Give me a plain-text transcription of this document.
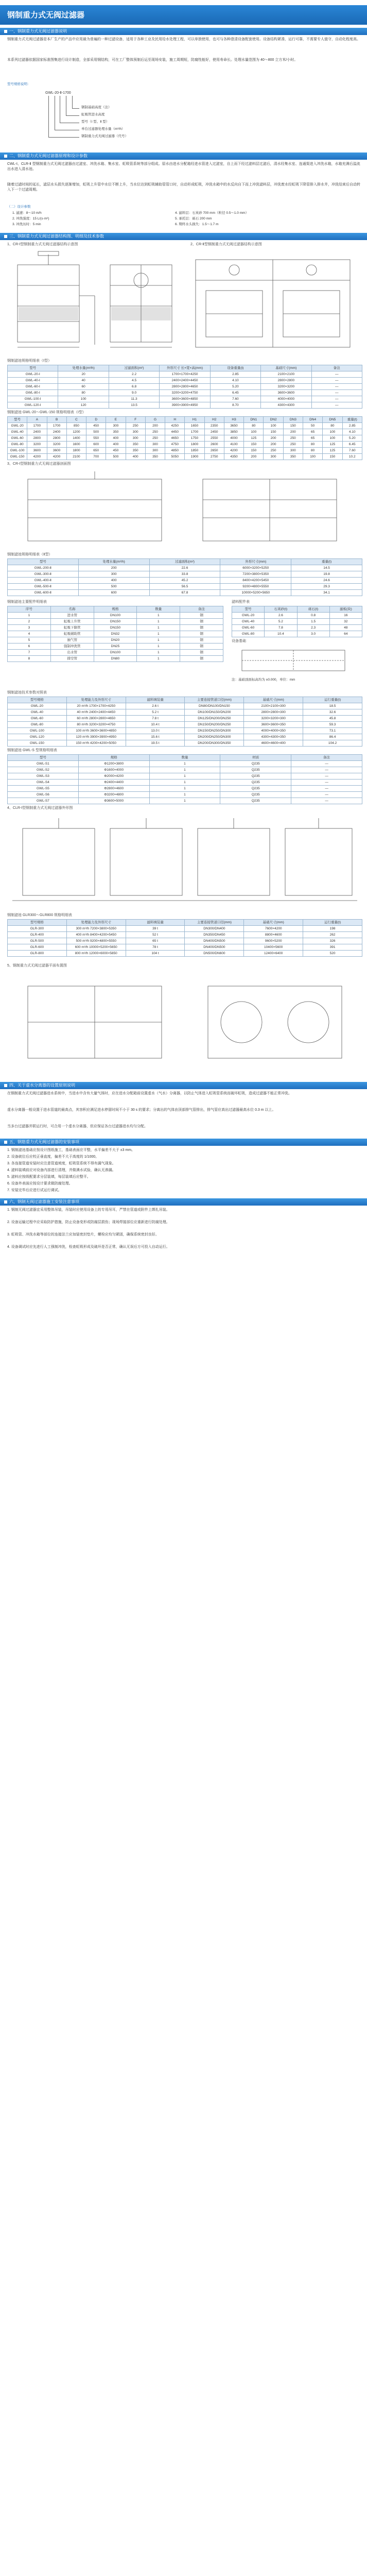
钢制重力式无阀过滤器
一、钢制重力式无阀过滤器说明

钢制重力式无阀过滤器是本厂生产的产品中应用最为普遍的一种过滤设备，适用于各种工业及民用给水处理工程，可以单独使用，也可与各种澄清设备配套使用。设备结构紧凑，运行可靠，不需要专人值守，自动化程度高。

本系列过滤器依据国家标准图集进行设计制造，全部采用钢结构，可在工厂整体预制后运至现场安装，施工周期短，防腐性能好，使用寿命长。处理水量范围为 40～800 立方米/小时。

型号规格说明：
GWL-20-Ⅱ-1700
钢制基础高度（注）
虹吸管进水高度
型号（Ⅰ 型、Ⅱ 型）
单台过滤器处理水量（m³/h）
钢制重力式无阀过滤器（代号）
二、钢制重力式无阀过滤器原理和设计参数

CWL-Ⅰ、CLR-Ⅱ 型钢制重力式无阀过滤器由过滤室、冲洗水箱、集水室、虹吸管系统等部分组成。原水由进水分配箱经进水管进入过滤室，自上而下经过滤料层过滤后，清水经集水室、连通渠进入冲洗水箱，水箱充满后溢流出水进入清水池。

随着过滤时间的延长，滤层水头损失逐渐增加，虹吸上升管中水位不断上升，当水位达到虹吸辅助管管口时，自动形成虹吸，冲洗水箱中的水反向自下而上冲洗滤料层，冲洗废水经虹吸下降管排入排水井，冲洗结束后自动转入下一个过滤周期。

（二）设计参数
1. 滤速：8～10 m/h
2. 冲洗强度：15 L/(s·m²)
3. 冲洗历时：5 min
4. 滤料层：石英砂 700 mm（粒径 0.5～1.0 mm）
5. 承托层：砾石 200 mm
6. 期终水头损失：1.5～1.7 m
三、钢制重力式无阀过滤器结构图、明细及技术参数
1、CR-Ⅰ型钢制重力式无阀过滤器结构示意图	2、CR-Ⅱ型钢制重力式无阀过滤器结构示意图
钢制滤池规格明细表（Ⅰ型）
型号	处理水量(m³/h)	过滤面积(m²)	外形尺寸 长×宽×高(mm)	设备重量(t)	基础尺寸(mm)	备注
GWL-20-Ⅰ	20	2.2	1700×1700×4250	2.85	2100×2100	—
GWL-40-Ⅰ	40	4.5	2400×2400×4450	4.10	2800×2800	—
GWL-60-Ⅰ	60	6.8	2800×2800×4650	5.20	3200×3200	—
GWL-80-Ⅰ	80	9.0	3200×3200×4750	6.45	3600×3600	—
GWL-100-Ⅰ	100	11.3	3600×3600×4850	7.60	4000×4000	—
GWL-120-Ⅰ	120	13.5	3900×3900×4950	8.70	4300×4300	—
钢制滤池 GWL-20～GWL-150 规格明细表（Ⅰ型）
型号	A	B	C	D	E	F	G	H	H1	H2	H3	DN1	DN2	DN3	DN4	DN5	重量(t)
GWL-20	1700	1700	850	450	300	250	200	4250	1650	2350	3650	80	100	150	50	80	2.85
GWL-40	2400	2400	1200	500	350	300	250	4450	1700	2450	3850	100	150	200	65	100	4.10
GWL-60	2800	2800	1400	550	400	300	250	4650	1750	2550	4000	125	200	250	65	100	5.20
GWL-80	3200	3200	1600	600	400	350	300	4750	1800	2600	4100	150	200	250	80	125	6.45
GWL-100	3600	3600	1800	650	450	350	300	4850	1850	2650	4200	150	250	300	80	125	7.60
GWL-150	4200	4200	2100	700	500	400	350	5050	1900	2750	4350	200	300	350	100	150	10.2
3、CR-Ⅰ型钢制重力式无阀过滤器剖面图
钢制滤池规格明细表（Ⅱ型）
型号	处理水量(m³/h)	过滤面积(m²)	外形尺寸(mm)	重量(t)
GWL-200-Ⅱ	200	22.6	6000×3200×5250	14.5
GWL-300-Ⅱ	300	33.8	7200×3800×5350	19.8
GWL-400-Ⅱ	400	45.2	8400×4200×5450	24.6
GWL-500-Ⅱ	500	56.5	9200×4800×5550	29.3
GWL-600-Ⅱ	600	67.8	10000×5200×5650	34.1
钢制滤池主要配件明细表
序号	名称	规格	数量	备注
1	进水管	DN100	1	钢
2	虹吸上升管	DN150	1	钢
3	虹吸下降管	DN150	1	钢
4	虹吸辅助管	DN32	1	钢
5	抽气管	DN20	1	钢
6	强制冲洗管	DN25	1	钢
7	出水管	DN100	1	钢
8	排空管	DN80	1	钢
滤料配件表
型号	石英砂(t)	砾石(t)	滤板(块)
GWL-20	2.6	0.8	16
GWL-40	5.2	1.5	32
GWL-60	7.8	2.3	48
GWL-80	10.4	3.0	64
设备基础
注：基础顶面标高均为 ±0.000，单位：mm
钢制滤池技术参数对照表
型号规格	处理能力及外形尺寸	滤料填装量	主要连接管道口径(mm)	基础尺寸(mm)	运行重量(t)
GWL-20	20 m³/h 1700×1700×4250	2.6 t	DN80/DN100/DN150	2100×2100×300	18.5
GWL-40	40 m³/h 2400×2400×4450	5.2 t	DN100/DN150/DN200	2800×2800×300	32.6
GWL-60	60 m³/h 2800×2800×4650	7.8 t	DN125/DN200/DN250	3200×3200×300	45.8
GWL-80	80 m³/h 3200×3200×4750	10.4 t	DN150/DN200/DN250	3600×3600×350	59.3
GWL-100	100 m³/h 3600×3600×4850	13.0 t	DN150/DN250/DN300	4000×4000×350	73.1
GWL-120	120 m³/h 3900×3900×4950	15.6 t	DN200/DN250/DN300	4300×4300×350	86.4
GWL-150	150 m³/h 4200×4200×5050	19.5 t	DN200/DN300/DN350	4600×4600×400	104.2
钢制滤池 GWL-S 型规格明细表
型号	规格	数量	材质	备注
GWL-S1	Φ1200×3800	1	Q235	—
GWL-S2	Φ1600×4000	1	Q235	—
GWL-S3	Φ2000×4200	1	Q235	—
GWL-S4	Φ2400×4400	1	Q235	—
GWL-S5	Φ2800×4600	1	Q235	—
GWL-S6	Φ3200×4800	1	Q235	—
GWL-S7	Φ3600×5000	1	Q235	—
4、CLR-Ⅰ型钢制重力式无阀过滤器外形图
钢制滤池 GLR300～GLR800 规格明细表
型号规格	处理能力及外形尺寸	滤料填装量	主要连接管道口径(mm)	基础尺寸(mm)	运行重量(t)
GLR-300	300 m³/h 7200×3800×5350	39 t	DN300/DN400	7600×4200	198
GLR-400	400 m³/h 8400×4200×5450	52 t	DN350/DN450	8800×4600	262
GLR-500	500 m³/h 9200×4800×5550	65 t	DN400/DN500	9600×5200	326
GLR-600	600 m³/h 10000×5200×5650	78 t	DN400/DN500	10400×5600	391
GLR-800	800 m³/h 12000×6000×5850	104 t	DN500/DN600	12400×6400	520
5、钢制重力式无阀过滤器平面布置图
四、关于虚水分离器的设置原则说明

在钢制重力式无阀过滤器进水系统中，当进水中含有大量气体时，应在进水分配箱前设置虚水（气水）分离器，以防止气体进入虹吸管系统而破坏虹吸，造成过滤器不能正常冲洗。

虚水分离器一般设置于进水管道的最高点，其容积应满足进水停留时间不小于 30 s 的要求；分离出的气体由顶部排气管排出，排气管应高出过滤器最高水位 0.3 m 以上。

当多台过滤器并联运行时，可合用一个虚水分离器，但应保证各台过滤器进水均匀分配。

五、钢筋重力式无阀过滤器的安装事项
1. 钢制滤池基础应按设计图纸施工，基础表面应平整，水平偏差不大于 ±3 mm。
2. 设备就位后应校正垂直度，偏差不大于高度的 1/1000。
3. 各连接管道安装时应注意管道坡度，虹吸管系统不得有漏气现象。
4. 滤料装填前应对设备内部进行清理，并做满水试验，确认无渗漏。
5. 滤料应按级配要求分层装填，每层装填后应整平。
6. 设备外表面应按设计要求做防腐处理。
7. 安装完毕后应进行试运行调试。
六、钢制无阀过滤器施工安装注意事项

1. 钢制无阀过滤器宜采用整体吊装，吊装时应使用设备上的专用吊耳，严禁在管道或附件上绑扎吊装。

2. 设备运输过程中应采取防护措施，防止设备变形或防腐层损伤；现场焊接部位应重新进行防腐处理。

3. 虹吸管、冲洗水箱等部位的连接法兰应加装密封垫片，螺栓应均匀紧固，确保系统密封良好。

4. 设备调试时应先进行人工强制冲洗，检查虹吸形成及破坏是否正常，确认无误后方可投入自动运行。
